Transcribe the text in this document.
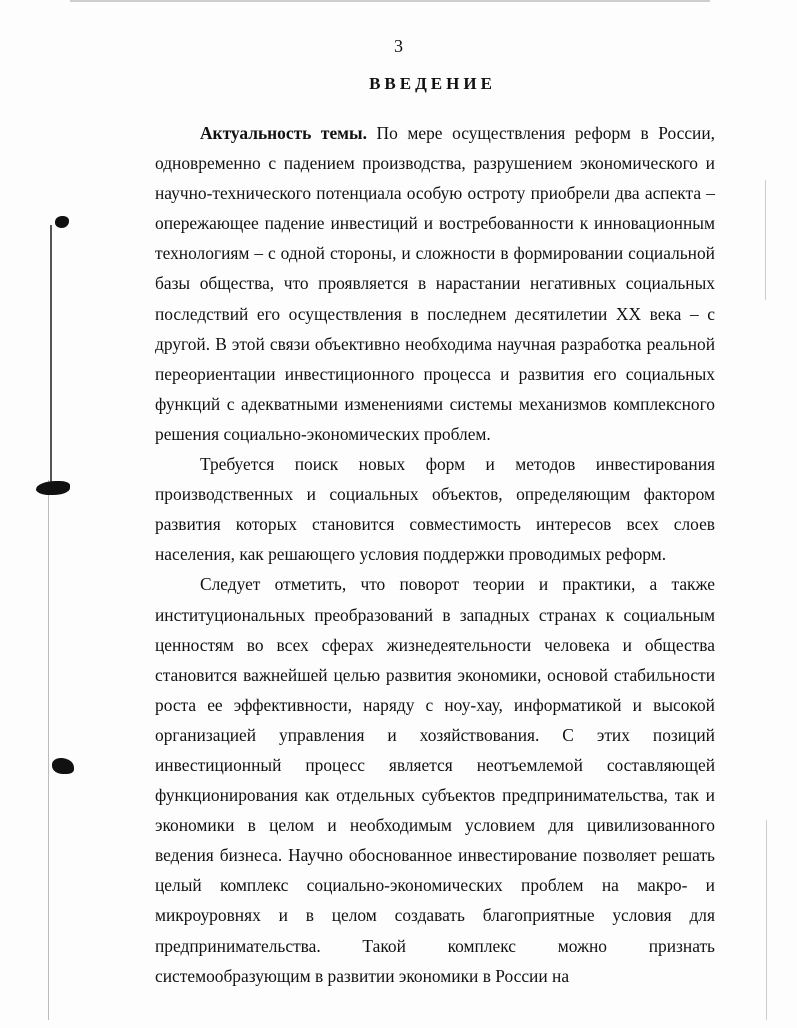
3
ВВЕДЕНИЕ

Актуальность темы. По мере осуществления реформ в России, одновременно с падением производства, разрушением экономического и научно-технического потенциала особую остроту приобрели два аспекта – опережающее падение инвестиций и востребованности к инновационным технологиям – с одной стороны, и сложности в формировании социальной базы общества, что проявляется в нарастании негативных социальных последствий его осуществления в последнем десятилетии XX века – с другой. В этой связи объективно необходима научная разработка реальной переориентации инвестиционного процесса и развития его социальных функций с адекватными изменениями системы механизмов комплексного решения социально-экономических проблем.

Требуется поиск новых форм и методов инвестирования производственных и социальных объектов, определяющим фактором развития которых становится совместимость интересов всех слоев населения, как решающего условия поддержки проводимых реформ.

Следует отметить, что поворот теории и практики, а также институциональных преобразований в западных странах к социальным ценностям во всех сферах жизнедеятельности человека и общества становится важнейшей целью развития экономики, основой стабильности роста ее эффективности, наряду с ноу-хау, информатикой и высокой организацией управления и хозяйствования. С этих позиций инвестиционный процесс является неотъемлемой составляющей функционирования как отдельных субъектов предпринимательства, так и экономики в целом и необходимым условием для цивилизованного ведения бизнеса. Научно обоснованное инвестирование позволяет решать целый комплекс социально-экономических проблем на макро- и микроуровнях и в целом создавать благоприятные условия для предпринимательства. Такой комплекс можно признать системообразующим в развитии экономики в России на
